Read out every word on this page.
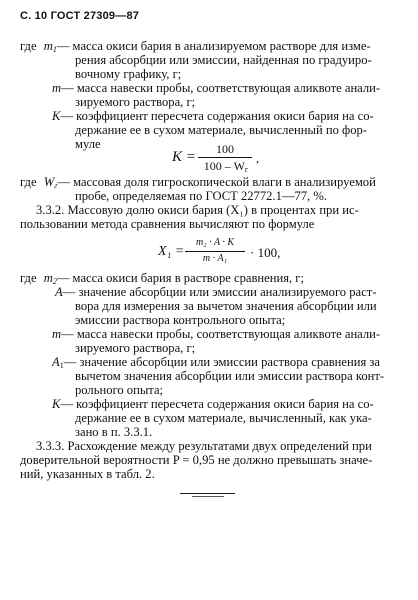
С. 10 ГОСТ 27309—87
где $m_1—$ масса окиси бария в анализируемом растворе для изме-
рения абсорбции или эмиссии, найденная по градуиро-
вочному графику, г;
m— масса навески пробы, соответствующая аликвоте анали-
зируемого раствора, г;
K— коэффициент пересчета содержания окиси бария на со-
держание ее в сухом материале, вычисленный по фор-
муле
K =	100
$100 - W_г$
,
где $W_г—$ массовая доля гигроскопической влаги в анализируемой
пробе, определяемая по ГОСТ 22772.1—77, %.
3.3.2. Массовую долю окиси бария (X₁) в процентах при ис-
пользовании метода сравнения вычисляют по формуле
X₁ =
m₂ · A · K
m · A₁	· 100,
где $m_2—$ масса окиси бария в растворе сравнения, г;
A— значение абсорбции или эмиссии анализируемого раст-
вора для измерения за вычетом значения абсорбции или
эмиссии раствора контрольного опыта;
m— масса навески пробы, соответствующая аликвоте анали-
зируемого раствора, г;
$A_1—$ значение абсорбции или эмиссии раствора сравнения за
вычетом значения абсорбции или эмиссии раствора конт-
рольного опыта;
K— коэффициент пересчета содержания окиси бария на со-
держание ее в сухом материале, вычисленный, как ука-
зано в п. 3.3.1.
3.3.3. Расхождение между результатами двух определений при
доверительной вероятности P = 0,95 не должно превышать значе-
ний, указанных в табл. 2.
